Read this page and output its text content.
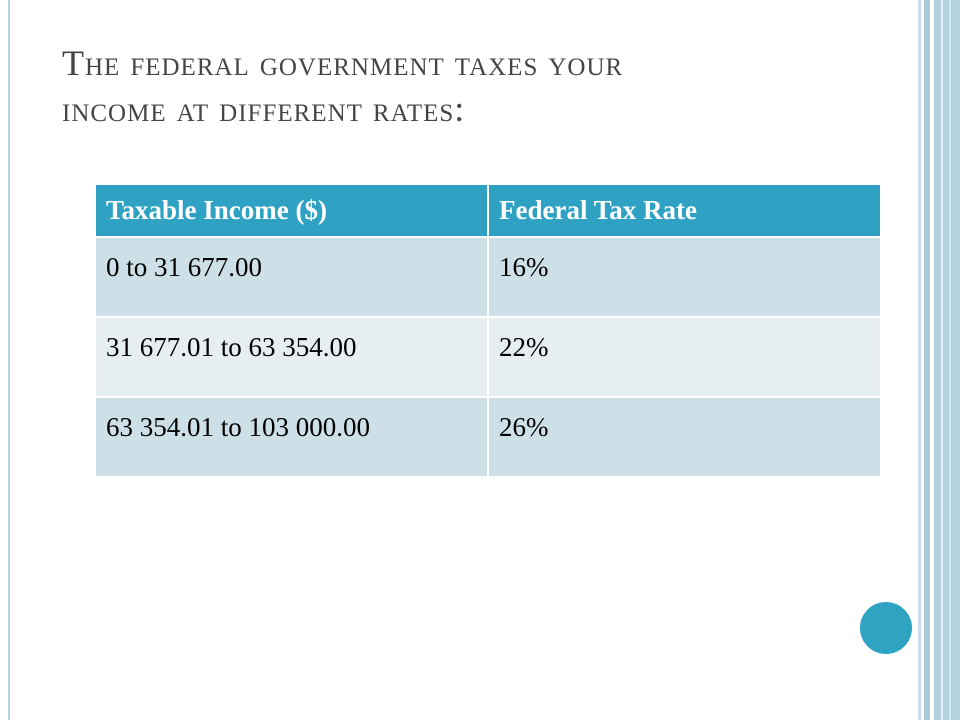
The federal government taxes your
income at different rates:
Taxable Income ($)	Federal Tax Rate
0 to 31 677.00	16%
31 677.01 to 63 354.00	22%
63 354.01 to 103 000.00	26%
